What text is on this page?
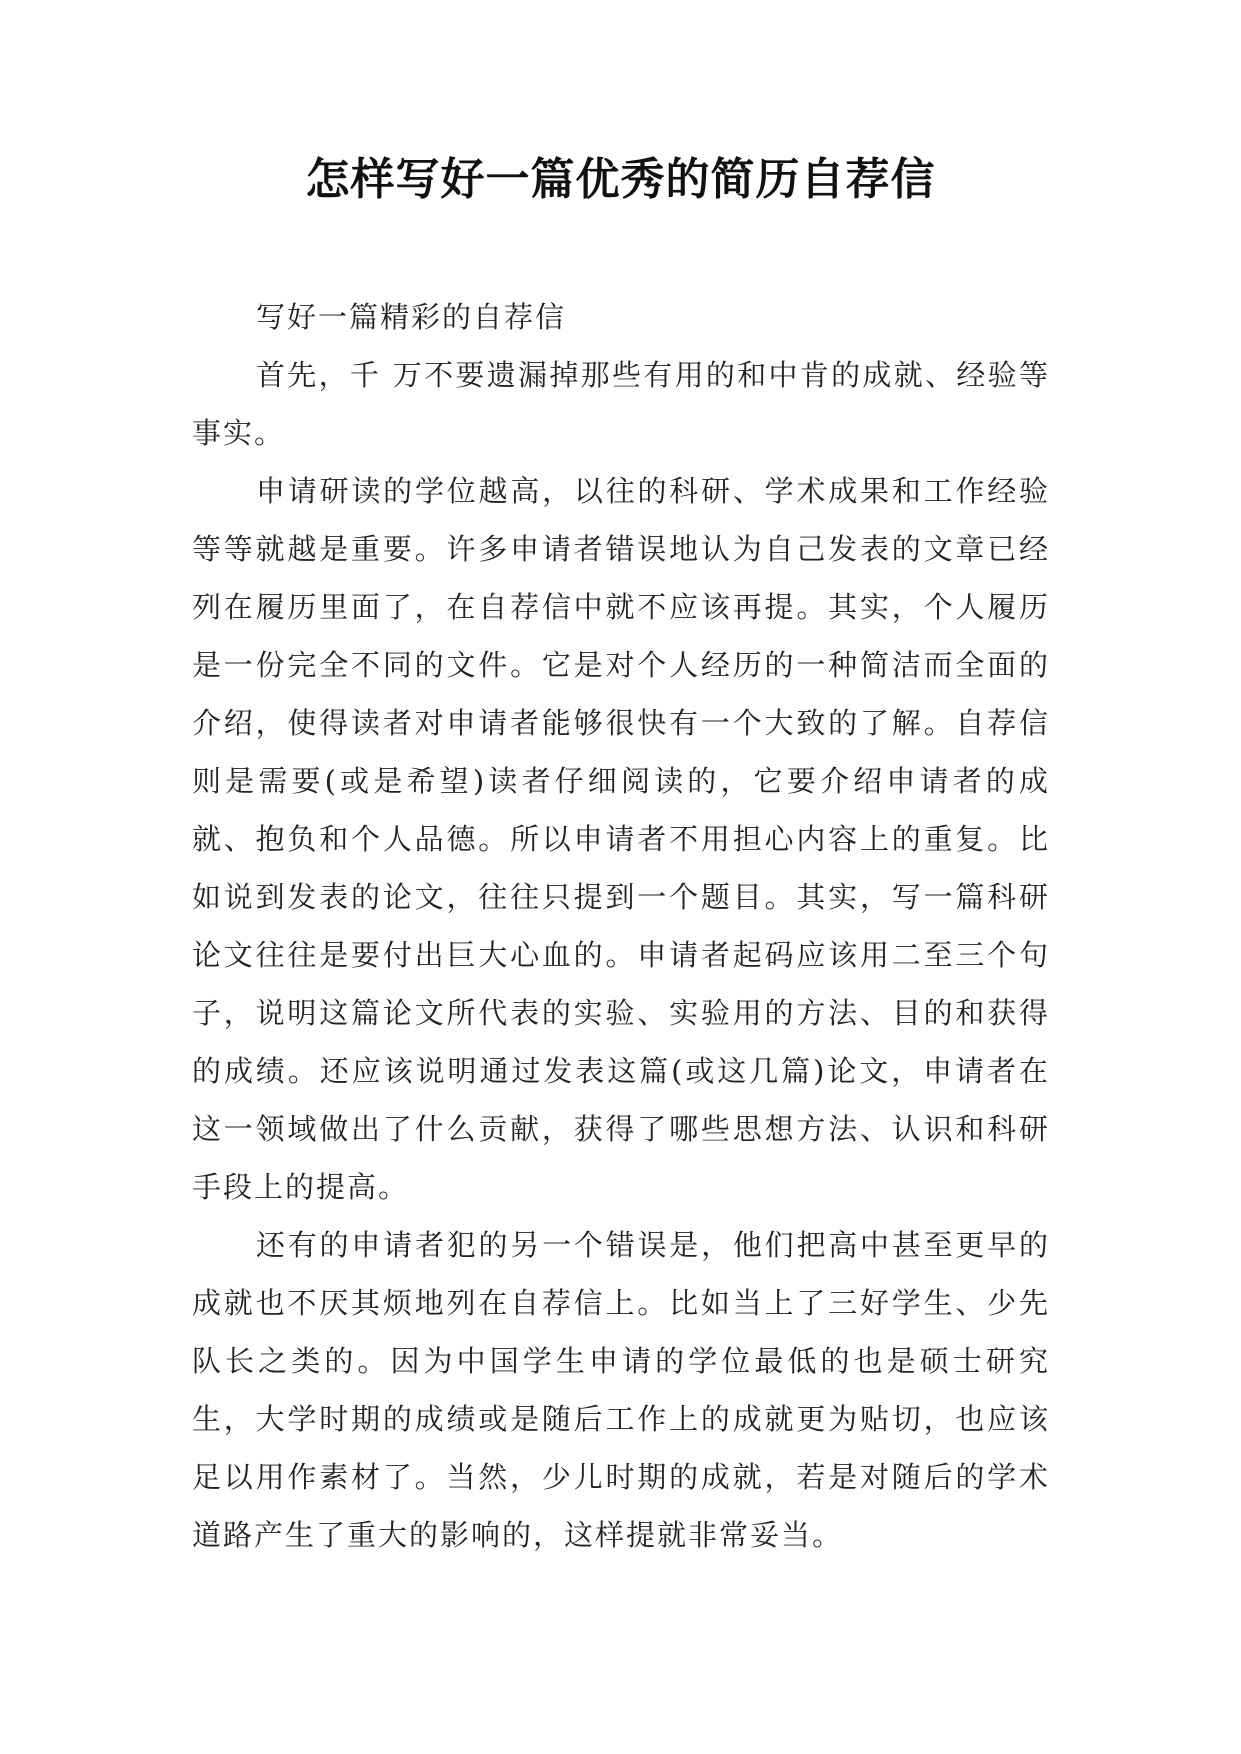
怎样写好一篇优秀的简历自荐信

写好一篇精彩的自荐信

首先，千 万不要遗漏掉那些有用的和中肯的成就、经验等事实。

申请研读的学位越高，以往的科研、学术成果和工作经验等等就越是重要。许多申请者错误地认为自己发表的文章已经列在履历里面了，在自荐信中就不应该再提。其实，个人履历是一份完全不同的文件。它是对个人经历的一种简洁而全面的介绍，使得读者对申请者能够很快有一个大致的了解。自荐信则是需要(或是希望)读者仔细阅读的，它要介绍申请者的成就、抱负和个人品德。所以申请者不用担心内容上的重复。比如说到发表的论文，往往只提到一个题目。其实，写一篇科研论文往往是要付出巨大心血的。申请者起码应该用二至三个句子，说明这篇论文所代表的实验、实验用的方法、目的和获得的成绩。还应该说明通过发表这篇(或这几篇)论文，申请者在这一领域做出了什么贡献，获得了哪些思想方法、认识和科研手段上的提高。

还有的申请者犯的另一个错误是，他们把高中甚至更早的成就也不厌其烦地列在自荐信上。比如当上了三好学生、少先队长之类的。因为中国学生申请的学位最低的也是硕士研究生，大学时期的成绩或是随后工作上的成就更为贴切，也应该足以用作素材了。当然，少儿时期的成就，若是对随后的学术道路产生了重大的影响的，这样提就非常妥当。
